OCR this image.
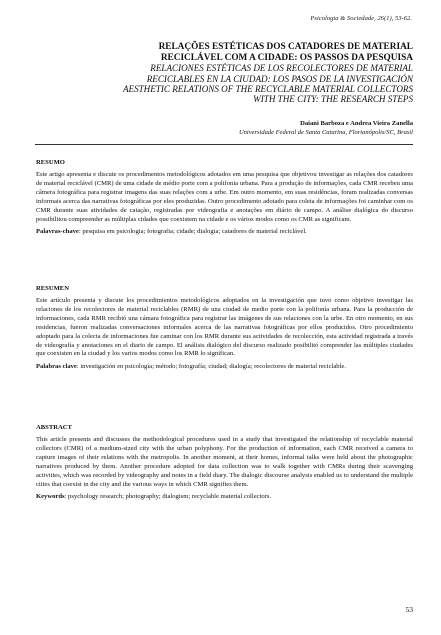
Psicologia & Sociedade, 26(1), 53-62.
RELAÇÕES ESTÉTICAS DOS CATADORES DE MATERIAL
RECICLÁVEL COM A CIDADE: OS PASSOS DA PESQUISA
RELACIONES ESTÉTICAS DE LOS RECOLECTORES DE MATERIAL
RECICLABLES EN LA CIUDAD: LOS PASOS DE LA INVESTIGACIÓN
AESTHETIC RELATIONS OF THE RECYCLABLE MATERIAL COLLECTORS
WITH THE CITY: THE RESEARCH STEPS
Daiani Barboza e Andrea Vieira Zanella
Universidade Federal de Santa Catarina, Florianópolis/SC, Brasil
RESUMO
Este artigo apresenta e discute os procedimentos metodológicos adotados em uma pesquisa que objetivou investigar as relações dos catadores de material reciclável (CMR) de uma cidade de médio porte com a polifonia urbana. Para a produção de informações, cada CMR recebeu uma câmera fotográfica para registrar imagens das suas relações com a urbe. Em outro momento, em suas residências, foram realizadas conversas informais acerca das narrativas fotográficas por eles produzidas. Outro procedimento adotado para coleta de informações foi caminhar com os CMR durante suas atividades de catação, registradas por videografia e anotações em diário de campo. A análise dialógica do discurso possibilitou compreender as múltiplas cidades que coexistem na cidade e os vários modos como os CMR as significam.
Palavras-chave: pesquisa em psicologia; fotografia; cidade; dialogia; catadores de material reciclável.
RESUMEN
Este artículo presenta y discute los procedimientos metodológicos adoptados en la investigación que tuvo como objetivo investigar las relaciones de los recolectores de material reciclables (RMR) de una ciudad de medio porte con la polifonía urbana. Para la producción de informaciones, cada RMR recibió una cámara fotográfica para registrar las imágenes de sus relaciones con la urbe. En otro momento, en sus residencias, fueron realizadas conversaciones informales acerca de las narrativas fotográficas por ellos producidos. Otro procedimiento adoptado para la colecta de informaciones fue caminar con los RMR durante sus actividades de recolección, esta actividad registrada a través de videografía y anotaciones en el diario de campo. El análisis dialógico del discurso realizado posibilitó comprender las múltiples ciudades que coexisten en la ciudad y los varios modos como los RMR lo significan.
Palabras clave: investigación en psicología; método; fotografía; ciudad; dialogía; recolectores de material reciclable.
ABSTRACT
This article presents and discusses the methodological procedures used in a study that investigated the relationship of recyclable material collectors (CMR) of a medium-sized city with the urban polyphony. For the production of information, each CMR received a camera to capture images of their relations with the metropolis. In another moment, at their homes, informal talks were held about the photographic narratives produced by them. Another procedure adopted for data collection was to walk together with CMRs during their scavenging activities, which was recorded by videography and notes in a field diary. The dialogic discourse analysis enabled us to understand the multiple cities that coexist in the city and the various ways in which CMR signifies them.
Keywords: psychology research; photography; dialogism; recyclable material collectors.
53
